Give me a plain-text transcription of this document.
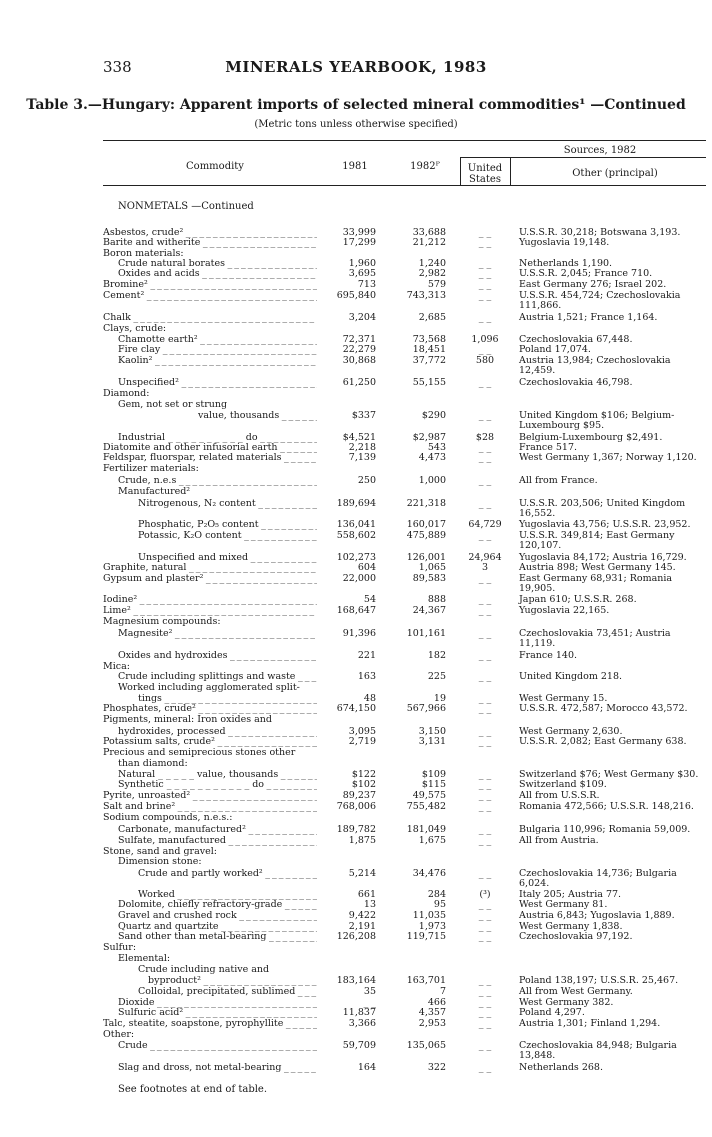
338	MINERALS YEARBOOK, 1983
Table 3.—Hungary: Apparent imports of selected mineral commodities¹ —Continued
(Metric tons unless otherwise specified)
Commodity	1981	1982ᴾ
Sources, 1982
United States
Other (principal)
NONMETALS —Continued
Asbestos, crude² _ _ _	33,999	33,688	_ _	U.S.S.R. 30,218; Botswana 3,193.
Barite and witherite _ _ _	17,299	21,212	_ _	Yugoslavia 19,148.
Boron materials:
Crude natural borates _ _ _	1,960	1,240	_ _	Netherlands 1,190.
Oxides and acids _ _ _	3,695	2,982	_ _	U.S.S.R. 2,045; France 710.
Bromine² _ _ _	713	579	_ _	East Germany 276; Israel 202.
Cement² _ _ _	695,840	743,313	_ _	U.S.S.R. 454,724; Czechoslovakia 111,866.
Chalk _ _ _	3,204	2,685	_ _	Austria 1,521; France 1,164.
Clays, crude:
Chamotte earth² _ _ _	72,371	73,568	1,096	Czechoslovakia 67,448.
Fire clay _ _ _	22,279	18,451	_ _	Poland 17,074.
Kaolin² _ _ _	30,868	37,772	580	Austria 13,984; Czechoslovakia 12,459.
Unspecified² _ _ _	61,250	55,155	_ _	Czechoslovakia 46,798.
Diamond:
Gem, not set or strung
value, thousands _ _ _	$337	$290	_ _	United Kingdom $106; Belgium-Luxembourg $95.
Industrial _ _ _ _ _ _ _ _ _ _ do _ _ _	$4,521	$2,987	$28	Belgium-Luxembourg $2,491.
Diatomite and other infusorial earth _ _ _	2,218	543	_ _	France 517.
Feldspar, fluorspar, related materials _ _ _	7,139	4,473	_ _	West Germany 1,367; Norway 1,120.
Fertilizer materials:
Crude, n.e.s _ _ _	250	1,000	_ _	All from France.
Manufactured²
Nitrogenous, N₂ content _ _ _	189,694	221,318	_ _	U.S.S.R. 203,506; United Kingdom 16,552.
Phosphatic, P₂O₅ content _ _ _	136,041	160,017	64,729	Yugoslavia 43,756; U.S.S.R. 23,952.
Potassic, K₂O content _ _ _	558,602	475,889	_ _	U.S.S.R. 349,814; East Germany 120,107.
Unspecified and mixed _ _ _	102,273	126,001	24,964	Yugoslavia 84,172; Austria 16,729.
Graphite, natural _ _ _	604	1,065	3	Austria 898; West Germany 145.
Gypsum and plaster² _ _ _	22,000	89,583	_ _	East Germany 68,931; Romania 19,905.
Iodine² _ _ _	54	888	_ _	Japan 610; U.S.S.R. 268.
Lime² _ _ _	168,647	24,367	_ _	Yugoslavia 22,165.
Magnesium compounds:
Magnesite² _ _ _	91,396	101,161	_ _	Czechoslovakia 73,451; Austria 11,119.
Oxides and hydroxides _ _ _	221	182	_ _	France 140.
Mica:
Crude including splittings and waste _ _ _	163	225	_ _	United Kingdom 218.
Worked including agglomerated split-
tings _ _ _	48	19	_ _	West Germany 15.
Phosphates, crude² _ _ _	674,150	567,966	_ _	U.S.S.R. 472,587; Morocco 43,572.
Pigments, mineral: Iron oxides and
hydroxides, processed _ _ _	3,095	3,150	_ _	West Germany 2,630.
Potassium salts, crude² _ _ _	2,719	3,131	_ _	U.S.S.R. 2,082; East Germany 638.
Precious and semiprecious stones other
than diamond:
Natural _ _ _ _ _ value, thousands _ _ _	$122	$109	_ _	Switzerland $76; West Germany $30.
Synthetic _ _ _ _ _ _ _ _ _ _ _ do _ _ _	$102	$115	_ _	Switzerland $109.
Pyrite, unroasted² _ _ _	89,237	49,575	_ _	All from U.S.S.R.
Salt and brine² _ _ _	768,006	755,482	_ _	Romania 472,566; U.S.S.R. 148,216.
Sodium compounds, n.e.s.:
Carbonate, manufactured² _ _ _	189,782	181,049	_ _	Bulgaria 110,996; Romania 59,009.
Sulfate, manufactured _ _ _	1,875	1,675	_ _	All from Austria.
Stone, sand and gravel:
Dimension stone:
Crude and partly worked² _ _ _	5,214	34,476	_ _	Czechoslovakia 14,736; Bulgaria 6,024.
Worked _ _ _	661	284	(³)	Italy 205; Austria 77.
Dolomite, chiefly refractory-grade _ _ _	13	95	_ _	West Germany 81.
Gravel and crushed rock _ _ _	9,422	11,035	_ _	Austria 6,843; Yugoslavia 1,889.
Quartz and quartzite _ _ _	2,191	1,973	_ _	West Germany 1,838.
Sand other than metal-bearing _ _ _	126,208	119,715	_ _	Czechoslovakia 97,192.
Sulfur:
Elemental:
Crude including native and
byproduct² _ _ _	183,164	163,701	_ _	Poland 138,197; U.S.S.R. 25,467.
Colloidal, precipitated, sublimed _ _ _	35	7	_ _	All from West Germany.
Dioxide _ _ _	_ _	466	_ _	West Germany 382.
Sulfuric acid² _ _ _	11,837	4,357	_ _	Poland 4,297.
Talc, steatite, soapstone, pyrophyllite _ _ _	3,366	2,953	_ _	Austria 1,301; Finland 1,294.
Other:
Crude _ _ _	59,709	135,065	_ _	Czechoslovakia 84,948; Bulgaria 13,848.
Slag and dross, not metal-bearing _ _ _	164	322	_ _	Netherlands 268.
See footnotes at end of table.
